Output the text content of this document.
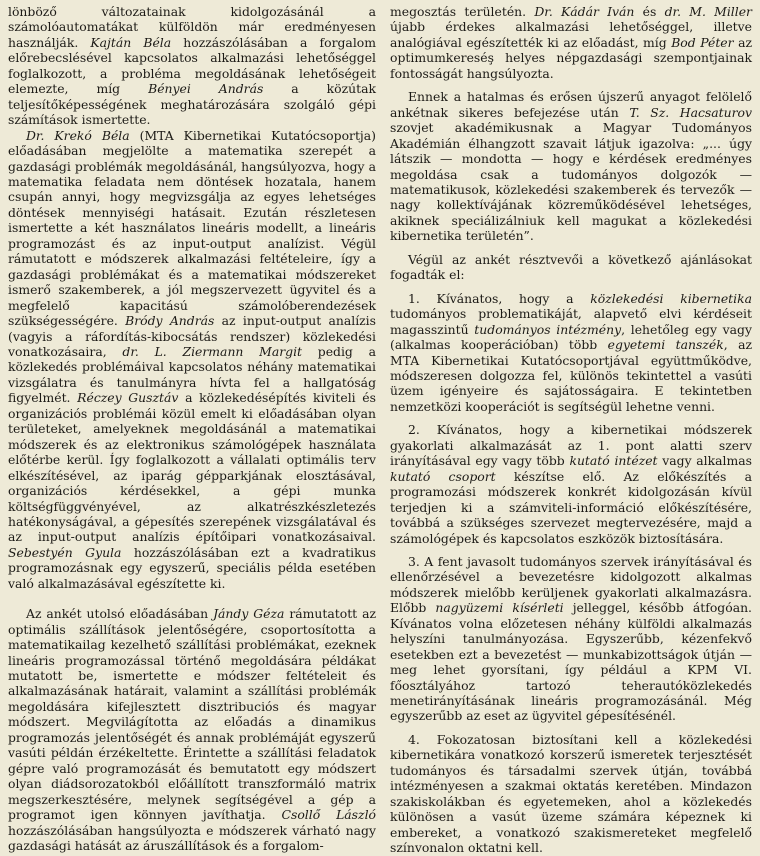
lönböző változatainak kidolgozásánál a számolóautomatákat külföldön már eredményesen használják. Kajtán Béla hozzászólásában a forgalom előrebecslésével kapcsolatos alkalmazási lehetőséggel foglalkozott, a probléma megoldásának lehetőségeit elemezte, míg Bényei András a közútak teljesítőképességének meghatározására szolgáló gépi számítások ismertette.

Dr. Krekó Béla (MTA Kibernetikai Kutatócsoportja) előadásában megjelölte a matematika szerepét a gazdasági problémák megoldásánál, hangsúlyozva, hogy a matematika feladata nem döntések hozatala, hanem csupán annyi, hogy megvizsgálja az egyes lehetséges döntések mennyiségi hatásait. Ezután részletesen ismertette a két használatos lineáris modellt, a lineáris programozást és az input-output analízist. Végül rámutatott e módszerek alkalmazási feltételeire, így a gazdasági problémákat és a matematikai módszereket ismerő szakemberek, a jól megszervezett ügyvitel és a megfelelő kapacitású számolóberendezések szükségességére. Bródy András az input-output analízis (vagyis a ráfordítás-kibocsátás rendszer) közlekedési vonatkozásaira, dr. L. Ziermann Margit pedig a közlekedés problémáival kapcsolatos néhány matematikai vizsgálatra és tanulmányra hívta fel a hallgatóság figyelmét. Réczey Gusztáv a közlekedésépítés kiviteli és organizációs problémái közül emelt ki előadásában olyan területeket, amelyeknek megoldásánál a matematikai módszerek és az elektronikus számológépek használata előtérbe kerül. Így foglalkozott a vállalati optimális terv elkészítésével, az iparág gépparkjának elosztásával, organizációs kérdésekkel, a gépi munka költségfüggvényével, az alkatrészkészletezés hatékonyságával, a gépesítés szerepének vizsgálatával és az input-output analízis építőipari vonatkozásaival. Sebestyén Gyula hozzászólásában ezt a kvadratikus programozásnak egy egyszerű, speciális példa esetében való alkalmazásával egészítette ki.

Az ankét utolsó előadásában Jándy Géza rámutatott az optimális szállítások jelentőségére, csoportosította a matematikailag kezelhető szállítási problémákat, ezeknek lineáris programozással történő megoldására példákat mutatott be, ismertette e módszer feltételeit és alkalmazásának határait, valamint a szállítási problémák megoldására kifejlesztett disztribuciós és magyar módszert. Megvilágította az előadás a dinamikus programozás jelentőségét és annak problémáját egyszerű vasúti példán érzékeltette. Érintette a szállítási feladatok gépre való programozását és bemutatott egy módszert olyan diádsorozatokból előállított transzformáló matrix megszerkesztésére, melynek segítségével a gép a programot igen könnyen javíthatja. Csollő László hozzászólásában hangsúlyozta e módszerek várható nagy gazdasági hatását az áruszállítások és a forgalom-

megosztás területén. Dr. Kádár Iván és dr. M. Miller újabb érdekes alkalmazási lehetőséggel, illetve analógiával egészítették ki az előadást, míg Bod Péter az optimumkereséş helyes népgazdasági szempontjainak fontosságát hangsúlyozta.

Ennek a hatalmas és erősen újszerű anyagot felölelő ankétnak sikeres befejezése után T. Sz. Hacsaturov szovjet akadémikusnak a Magyar Tudományos Akadémián élhangzott szavait látjuk igazolva: „... úgy látszik — mondotta — hogy e kérdések eredményes megoldása csak a tudományos dolgozók — matematikusok, közlekedési szakemberek és tervezők — nagy kollektívájának közreműködésével lehetséges, akiknek speciálizálniuk kell magukat a közlekedési kibernetika területén”.

Végül az ankét résztvevői a következő ajánlásokat fogadták el:

1. Kívánatos, hogy a közlekedési kibernetika tudományos problematikáját, alapvető elvi kérdéseit magasszintű tudományos intézmény, lehetőleg egy vagy (alkalmas kooperációban) több egyetemi tanszék, az MTA Kibernetikai Kutatócsoportjával együttműködve, módszeresen dolgozza fel, különös tekintettel a vasúti üzem igényeire és sajátosságaira. E tekintetben nemzetközi kooperációt is segítségül lehetne venni.

2. Kívánatos, hogy a kibernetikai módszerek gyakorlati alkalmazását az 1. pont alatti szerv irányításával egy vagy több kutató intézet vagy alkalmas kutató csoport készítse elő. Az előkészítés a programozási módszerek konkrét kidolgozásán kívül terjedjen ki a számviteli-információ előkészítésére, továbbá a szükséges szervezet megtervezésére, majd a számológépek és kapcsolatos eszközök biztosítására.

3. A fent javasolt tudományos szervek irányításával és ellenőrzésével a bevezetésre kidolgozott alkalmas módszerek mielőbb kerüljenek gyakorlati alkalmazásra. Előbb nagyüzemi kísérleti jelleggel, később átfogóan. Kívánatos volna előzetesen néhány külföldi alkalmazás helyszíni tanulmányozása. Egyszerűbb, kézenfekvő esetekben ezt a bevezetést — munkabizottságok útján — meg lehet gyorsítani, így például a KPM VI. főosztályához tartozó teherautóközlekedés menetirányításának lineáris programozásánál. Még egyszerűbb az eset az ügyvitel gépesítésénél.

4. Fokozatosan biztosítani kell a közlekedési kibernetikára vonatkozó korszerű ismeretek terjesztését tudományos és társadalmi szervek útján, továbbá intézményesen a szakmai oktatás keretében. Mindazon szakiskolákban és egyetemeken, ahol a közlekedés különösen a vasút üzeme számára képeznek ki embereket, a vonatkozó szakismereteket megfelelő színvonalon oktatni kell.
